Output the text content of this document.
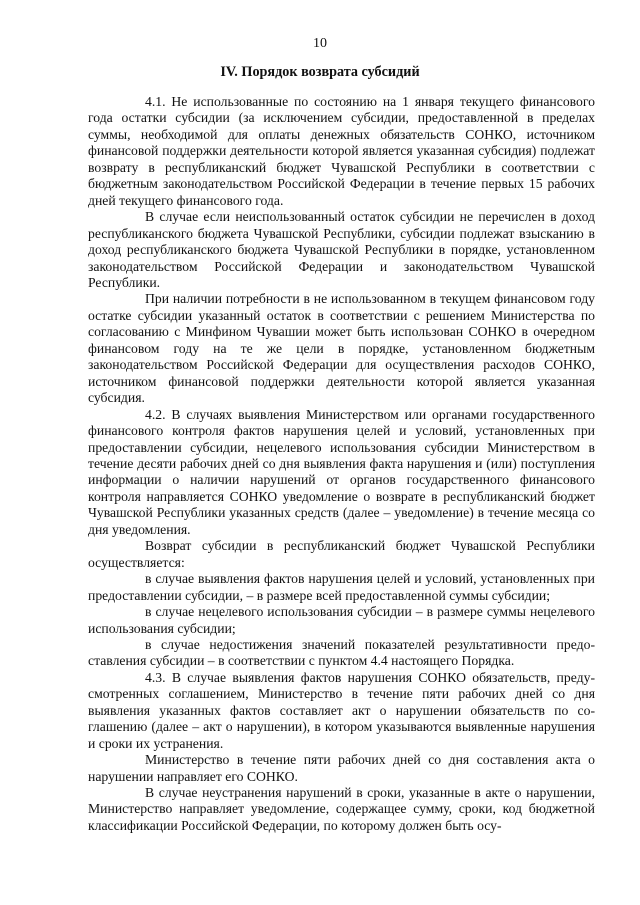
10
IV. Порядок возврата субсидий

4.1. Не использованные по состоянию на 1 января текущего финансового года остатки субсидии (за исключением субсидии, предоставленной в пределах суммы, необходимой для оплаты денежных обязательств СОНКО, источником финансовой поддержки деятельности которой является указанная субсидия) подлежат возврату в республиканский бюджет Чувашской Республики в соответствии с бюджетным законодательством Российской Федерации в течение первых 15 рабочих дней текущего финансового года.

В случае если неиспользованный остаток субсидии не перечислен в доход республиканского бюджета Чувашской Республики, субсидии подлежат взысканию в доход республиканского бюджета Чувашской Республики в порядке, установленном законодательством Российской Федерации и законодательством Чувашской Республики.

При наличии потребности в не использованном в текущем финансовом году остатке субсидии указанный остаток в соответствии с решением Министерства по согласованию с Минфином Чувашии может быть использован СОНКО в очередном финансовом году на те же цели в порядке, установленном бюджетным законодательством Российской Федерации для осуществления расходов СОНКО, источником финансовой поддержки деятельности которой является указанная субсидия.

4.2. В случаях выявления Министерством или органами государственного финансового контроля фактов нарушения целей и условий, установленных при предоставлении субсидии, нецелевого использования субсидии Министерством в течение десяти рабочих дней со дня выявления факта нарушения и (или) поступления информации о наличии нарушений от органов государственного финансового контроля направляется СОНКО уведомление о возврате в республиканский бюджет Чувашской Республики указанных средств (далее – уведомление) в течение месяца со дня уведомления.

Возврат субсидии в республиканский бюджет Чувашской Республики осуществляется:

в случае выявления фактов нарушения целей и условий, установленных при предоставлении субсидии, – в размере всей предоставленной суммы субсидии;

в случае нецелевого использования субсидии – в размере суммы нецелевого использования субсидии;

в случае недостижения значений показателей результативности предоставления субсидии – в соответствии с пунктом 4.4 настоящего Порядка.

4.3. В случае выявления фактов нарушения СОНКО обязательств, предусмотренных соглашением, Министерство в течение пяти рабочих дней со дня выявления указанных фактов составляет акт о нарушении обязательств по соглашению (далее – акт о нарушении), в котором указываются выявленные нарушения и сроки их устранения.

Министерство в течение пяти рабочих дней со дня составления акта о нарушении направляет его СОНКО.

В случае неустранения нарушений в сроки, указанные в акте о нарушении, Министерство направляет уведомление, содержащее сумму, сроки, код бюджетной классификации Российской Федерации, по которому должен быть осу-
